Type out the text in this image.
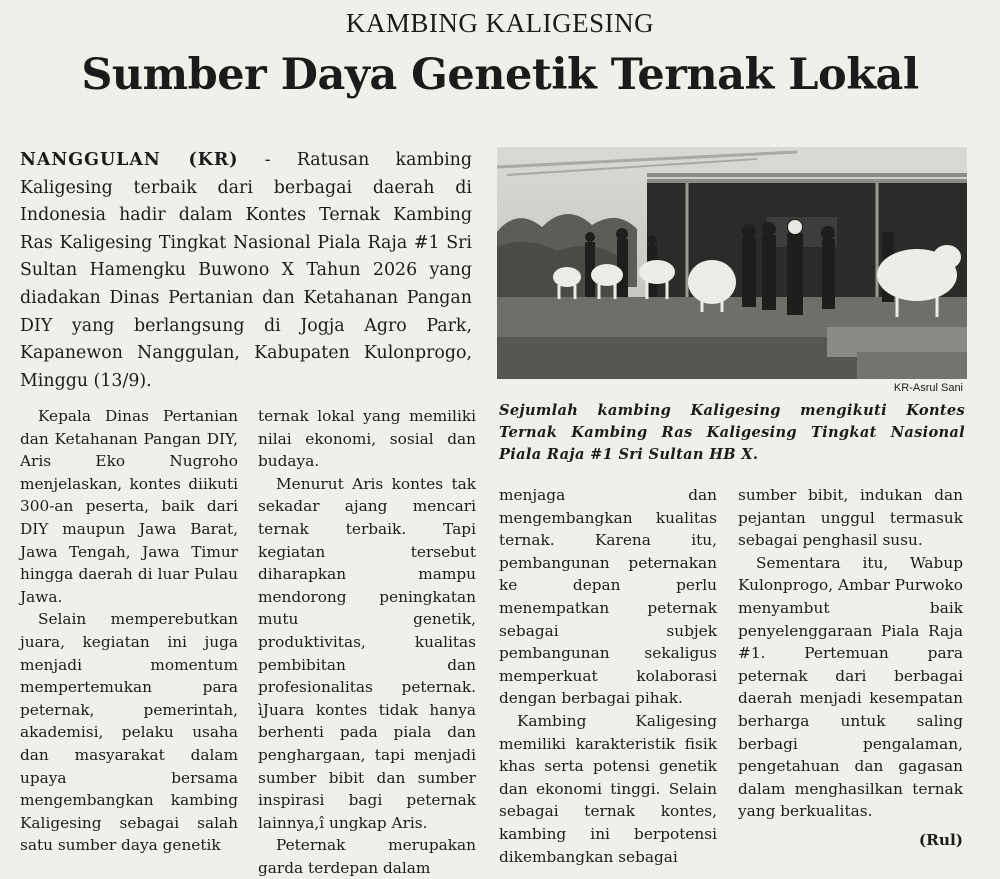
KAMBING KALIGESING
Sumber Daya Genetik Ternak Lokal
NANGGULAN (KR) - Ratusan kambing Kaligesing terbaik dari berbagai daerah di Indonesia hadir dalam Kontes Ternak Kambing Ras Kaligesing Tingkat Nasional Piala Raja #1 Sri Sultan Hamengku Buwono X Tahun 2026 yang diadakan Dinas Pertanian dan Ketahanan Pangan DIY yang berlangsung di Jogja Agro Park, Kapanewon Nanggulan, Kabupaten Kulonprogo, Minggu (13/9).	KR-Asrul Sani
Sejumlah kambing Kaligesing mengikuti Kontes Ternak Kambing Ras Kaligesing Tingkat Nasional Piala Raja #1 Sri Sultan HB X.

Kepala Dinas Pertanian dan Ketahanan Pangan DIY, Aris Eko Nugroho menjelaskan, kontes diikuti 300-an peserta, baik dari DIY maupun Jawa Barat, Jawa Tengah, Jawa Timur hingga daerah di luar Pulau Jawa.

Selain memperebutkan juara, kegiatan ini juga menjadi momentum mempertemukan para peternak, pemerintah, akademisi, pelaku usaha dan masyarakat dalam upaya bersama mengembangkan kambing Kaligesing sebagai salah satu sumber daya genetik

ternak lokal yang memiliki nilai ekonomi, sosial dan budaya.

Menurut Aris kontes tak sekadar ajang mencari ternak terbaik. Tapi kegiatan tersebut diharapkan mampu mendorong peningkatan mutu genetik, produktivitas, kualitas pembibitan dan profesionalitas peternak. ìJuara kontes tidak hanya berhenti pada piala dan penghargaan, tapi menjadi sumber bibit dan sumber inspirasi bagi peternak lainnya,î ungkap Aris.

Peternak merupakan garda terdepan dalam

menjaga dan mengembangkan kualitas ternak. Karena itu, pembangunan peternakan ke depan perlu menempatkan peternak sebagai subjek pembangunan sekaligus memperkuat kolaborasi dengan berbagai pihak.

Kambing Kaligesing memiliki karakteristik fisik khas serta potensi genetik dan ekonomi tinggi. Selain sebagai ternak kontes, kambing ini berpotensi dikembangkan sebagai

sumber bibit, indukan dan pejantan unggul termasuk sebagai penghasil susu.

Sementara itu, Wabup Kulonprogo, Ambar Purwoko menyambut baik penyelenggaraan Piala Raja #1. Pertemuan para peternak dari berbagai daerah menjadi kesempatan berharga untuk saling berbagi pengalaman, pengetahuan dan gagasan dalam menghasilkan ternak yang berkualitas.

(Rul)
